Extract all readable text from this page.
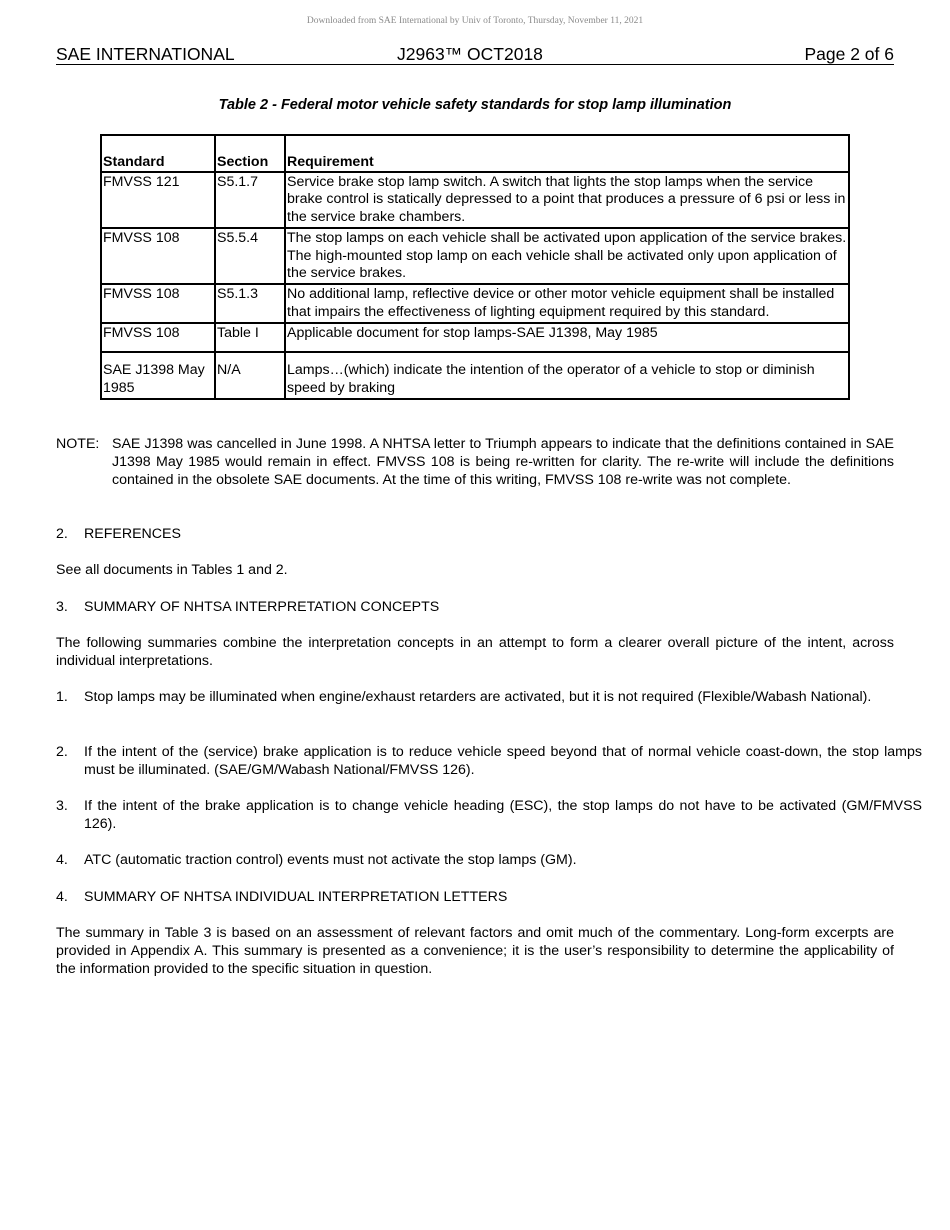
Downloaded from SAE International by Univ of Toronto, Thursday, November 11, 2021
SAE INTERNATIONAL	J2963™ OCT2018	Page 2 of 6
Table 2 - Federal motor vehicle safety standards for stop lamp illumination
Standard	Section	Requirement
FMVSS 121	S5.1.7	Service brake stop lamp switch. A switch that lights the stop lamps when the service brake control is statically depressed to a point that produces a pressure of 6 psi or less in the service brake chambers.
FMVSS 108	S5.5.4	The stop lamps on each vehicle shall be activated upon application of the service brakes. The high-mounted stop lamp on each vehicle shall be activated only upon application of the service brakes.
FMVSS 108	S5.1.3	No additional lamp, reflective device or other motor vehicle equipment shall be installed that impairs the effectiveness of lighting equipment required by this standard.
FMVSS 108	Table I	Applicable document for stop lamps-SAE J1398, May 1985
SAE J1398 May 1985	N/A	Lamps…(which) indicate the intention of the operator of a vehicle to stop or diminish speed by braking
NOTE: SAE J1398 was cancelled in June 1998. A NHTSA letter to Triumph appears to indicate that the definitions contained in SAE J1398 May 1985 would remain in effect. FMVSS 108 is being re-written for clarity. The re-write will include the definitions contained in the obsolete SAE documents. At the time of this writing, FMVSS 108 re-write was not complete.

2. REFERENCES
See all documents in Tables 1 and 2.
3. SUMMARY OF NHTSA INTERPRETATION CONCEPTS
The following summaries combine the interpretation concepts in an attempt to form a clearer overall picture of the intent, across individual interpretations.
1. Stop lamps may be illuminated when engine/exhaust retarders are activated, but it is not required (Flexible/Wabash National).
2. If the intent of the (service) brake application is to reduce vehicle speed beyond that of normal vehicle coast-down, the stop lamps must be illuminated. (SAE/GM/Wabash National/FMVSS 126).
3. If the intent of the brake application is to change vehicle heading (ESC), the stop lamps do not have to be activated (GM/FMVSS 126).
4. ATC (automatic traction control) events must not activate the stop lamps (GM).
4. SUMMARY OF NHTSA INDIVIDUAL INTERPRETATION LETTERS
The summary in Table 3 is based on an assessment of relevant factors and omit much of the commentary. Long-form excerpts are provided in Appendix A. This summary is presented as a convenience; it is the user’s responsibility to determine the applicability of the information provided to the specific situation in question.
